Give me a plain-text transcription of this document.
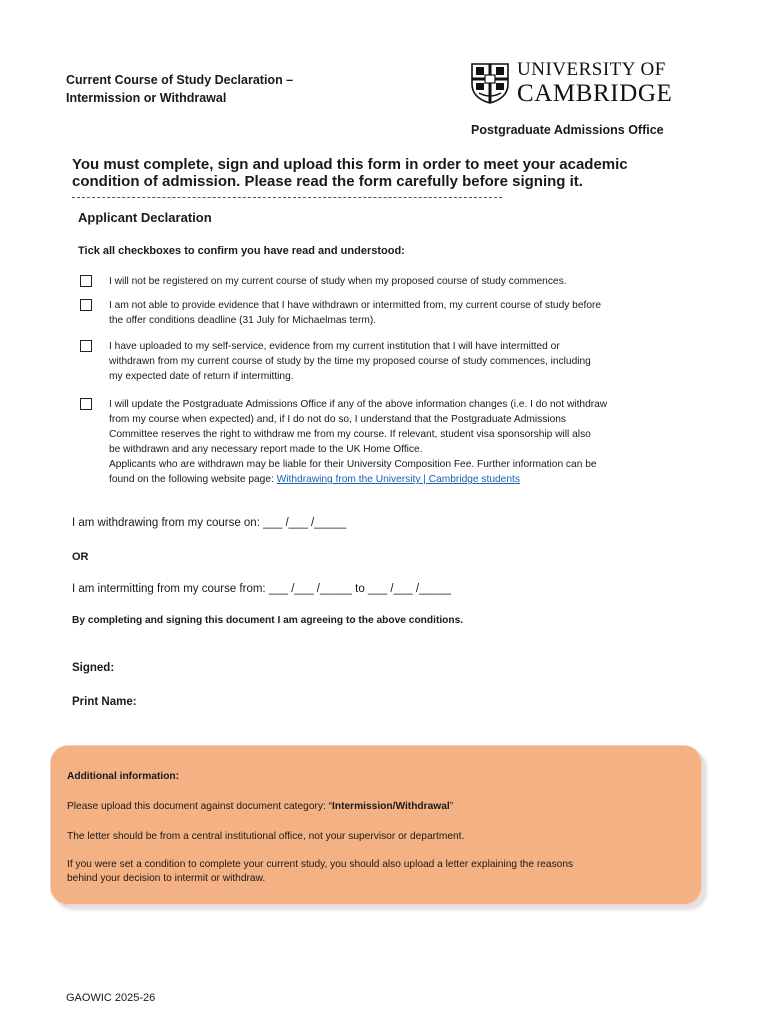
Current Course of Study Declaration –
Intermission or Withdrawal
UNIVERSITY OF
CAMBRIDGE
Postgraduate Admissions Office
You must complete, sign and upload this form in order to meet your academic
condition of admission. Please read the form carefully before signing it.
Applicant Declaration
Tick all checkboxes to confirm you have read and understood:
I will not be registered on my current course of study when my proposed course of study commences.
I am not able to provide evidence that I have withdrawn or intermitted from, my current course of study before
the offer conditions deadline (31 July for Michaelmas term).
I have uploaded to my self-service, evidence from my current institution that I will have intermitted or
withdrawn from my current course of study by the time my proposed course of study commences, including
my expected date of return if intermitting.
I will update the Postgraduate Admissions Office if any of the above information changes (i.e. I do not withdraw
from my course when expected) and, if I do not do so, I understand that the Postgraduate Admissions
Committee reserves the right to withdraw me from my course. If relevant, student visa sponsorship will also
be withdrawn and any necessary report made to the UK Home Office.
Applicants who are withdrawn may be liable for their University Composition Fee. Further information can be
found on the following website page: Withdrawing from the University | Cambridge students
I am withdrawing from my course on: ___ /___ /_____
OR
I am intermitting from my course from: ___ /___ /_____ to ___ /___ /_____
By completing and signing this document I am agreeing to the above conditions.
Signed:
Print Name:
Additional information:
Please upload this document against document category: “Intermission/Withdrawal”
The letter should be from a central institutional office, not your supervisor or department.
If you were set a condition to complete your current study, you should also upload a letter explaining the reasons
behind your decision to intermit or withdraw.
GAOWIC 2025-26
